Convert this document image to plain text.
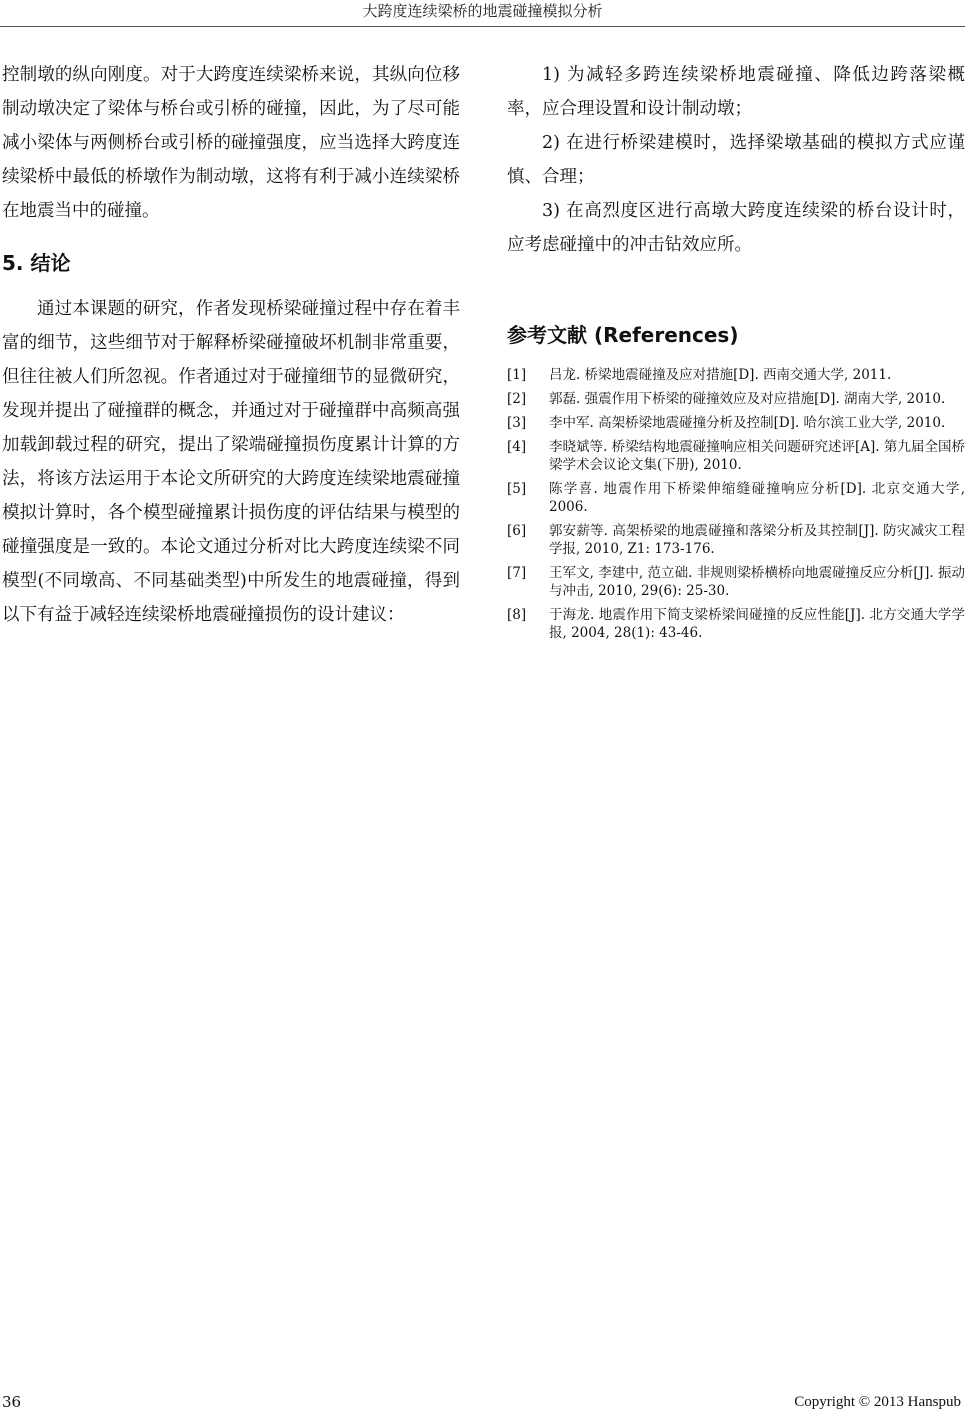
大跨度连续梁桥的地震碰撞模拟分析

控制墩的纵向刚度。对于大跨度连续梁桥来说，其纵向位移制动墩决定了梁体与桥台或引桥的碰撞，因此，为了尽可能减小梁体与两侧桥台或引桥的碰撞强度，应当选择大跨度连续梁桥中最低的桥墩作为制动墩，这将有利于减小连续梁桥在地震当中的碰撞。

5. 结论

通过本课题的研究，作者发现桥梁碰撞过程中存在着丰富的细节，这些细节对于解释桥梁碰撞破坏机制非常重要，但往往被人们所忽视。作者通过对于碰撞细节的显微研究，发现并提出了碰撞群的概念，并通过对于碰撞群中高频高强加载卸载过程的研究，提出了梁端碰撞损伤度累计计算的方法，将该方法运用于本论文所研究的大跨度连续梁地震碰撞模拟计算时，各个模型碰撞累计损伤度的评估结果与模型的碰撞强度是一致的。本论文通过分析对比大跨度连续梁不同模型(不同墩高、不同基础类型)中所发生的地震碰撞，得到以下有益于减轻连续梁桥地震碰撞损伤的设计建议：

1) 为减轻多跨连续梁桥地震碰撞、降低边跨落梁概率，应合理设置和设计制动墩；

2) 在进行桥梁建模时，选择梁墩基础的模拟方式应谨慎、合理；

3) 在高烈度区进行高墩大跨度连续梁的桥台设计时，应考虑碰撞中的冲击钻效应所。

参考文献 (References)
[1]	吕龙. 桥梁地震碰撞及应对措施[D]. 西南交通大学, 2011.
[2]	郭磊. 强震作用下桥梁的碰撞效应及对应措施[D]. 湖南大学, 2010.
[3]	李中军. 高架桥梁地震碰撞分析及控制[D]. 哈尔滨工业大学, 2010.
[4]	李晓斌等. 桥梁结构地震碰撞响应相关问题研究述评[A]. 第九届全国桥梁学术会议论文集(下册), 2010.
[5]	陈学喜. 地震作用下桥梁伸缩缝碰撞响应分析[D]. 北京交通大学, 2006.
[6]	郭安薪等. 高架桥梁的地震碰撞和落梁分析及其控制[J]. 防灾减灾工程学报, 2010, Z1: 173-176.
[7]	王军文, 李建中, 范立础. 非规则梁桥横桥向地震碰撞反应分析[J]. 振动与冲击, 2010, 29(6): 25-30.
[8]	于海龙. 地震作用下简支梁桥梁间碰撞的反应性能[J]. 北方交通大学学报, 2004, 28(1): 43-46.
36	Copyright © 2013 Hanspub
